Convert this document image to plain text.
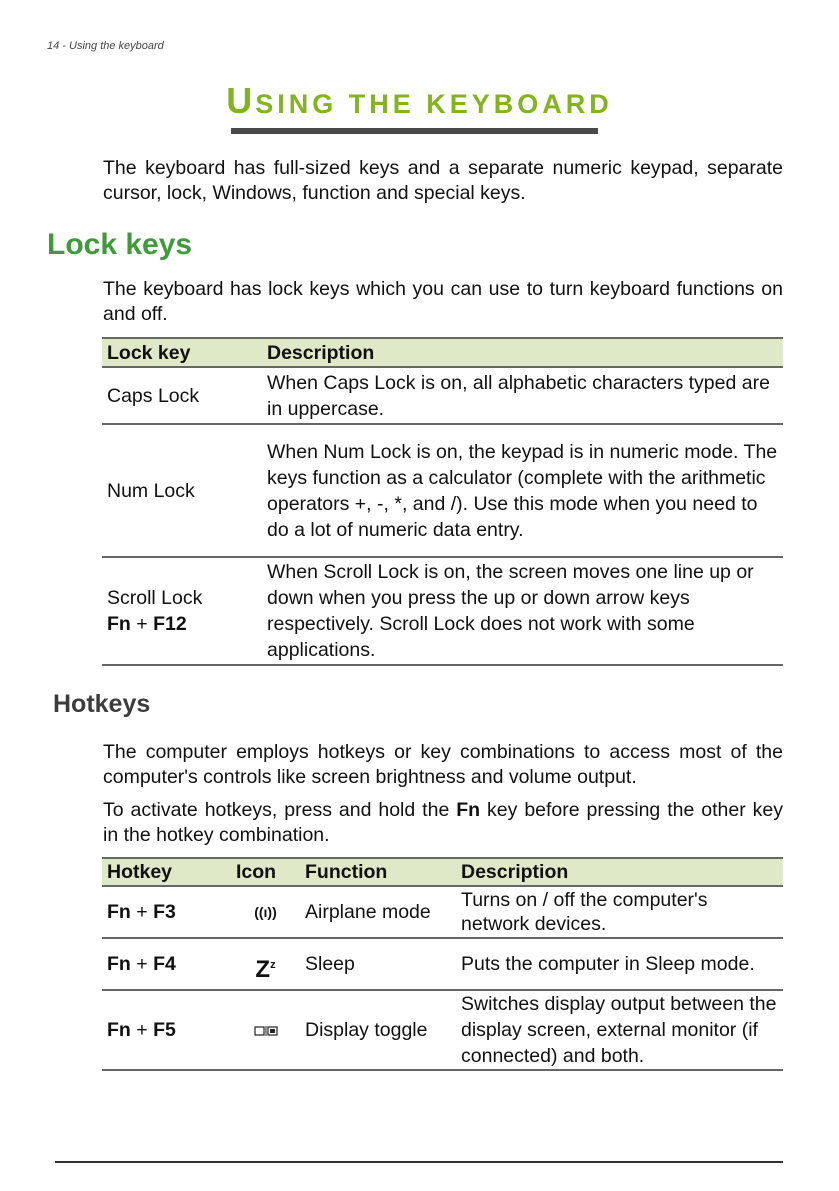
14 - Using the keyboard
USING THE KEYBOARD
The keyboard has full-sized keys and a separate numeric keypad, separate cursor, lock, Windows, function and special keys.
Lock keys
The keyboard has lock keys which you can use to turn keyboard functions on and off.
Lock key	Description
Caps Lock	When Caps Lock is on, all alphabetic characters typed are in uppercase.
Num Lock	When Num Lock is on, the keypad is in numeric mode. The keys function as a calculator (complete with the arithmetic operators +, -, *, and /). Use this mode when you need to do a lot of numeric data entry.
Scroll Lock
Fn + F12	When Scroll Lock is on, the screen moves one line up or down when you press the up or down arrow keys respectively. Scroll Lock does not work with some applications.
Hotkeys
The computer employs hotkeys or key combinations to access most of the computer's controls like screen brightness and volume output.
To activate hotkeys, press and hold the Fn key before pressing the other key in the hotkey combination.
Hotkey	Icon	Function	Description
Fn + F3	((ı))	Airplane mode	Turns on / off the computer's network devices.
Fn + F4	$Z^z$	Sleep	Puts the computer in Sleep mode.
Fn + F5		Display toggle	Switches display output between the display screen, external monitor (if connected) and both.
